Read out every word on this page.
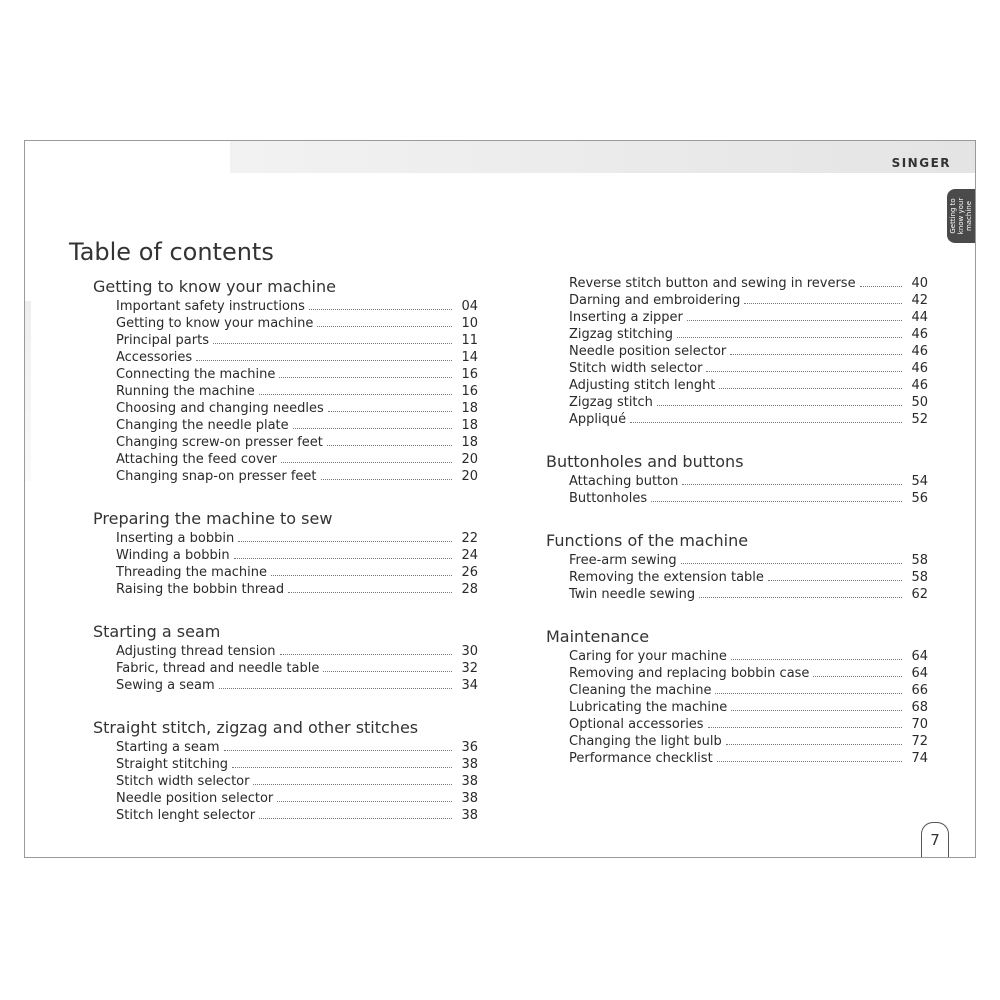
SINGER
Getting to know your machine
Table of contents
Getting to know your machine
Important safety instructions	04
Getting to know your machine	10
Principal parts	11
Accessories	14
Connecting the machine	16
Running the machine	16
Choosing and changing needles	18
Changing the needle plate	18
Changing screw-on presser feet	18
Attaching the feed cover	20
Changing snap-on presser feet	20
Preparing the machine to sew
Inserting a bobbin	22
Winding a bobbin	24
Threading the machine	26
Raising the bobbin thread	28
Starting a seam
Adjusting thread tension	30
Fabric, thread and needle table	32
Sewing a seam	34
Straight stitch, zigzag and other stitches
Starting a seam	36
Straight stitching	38
Stitch width selector	38
Needle position selector	38
Stitch lenght selector	38
Reverse stitch button and sewing in reverse	40
Darning and embroidering	42
Inserting a zipper	44
Zigzag stitching	46
Needle position selector	46
Stitch width selector	46
Adjusting stitch lenght	46
Zigzag stitch	50
Appliqué	52
Buttonholes and buttons
Attaching button	54
Buttonholes	56
Functions of the machine
Free-arm sewing	58
Removing the extension table	58
Twin needle sewing	62
Maintenance
Caring for your machine	64
Removing and replacing bobbin case	64
Cleaning the machine	66
Lubricating the machine	68
Optional accessories	70
Changing the light bulb	72
Performance checklist	74
7
